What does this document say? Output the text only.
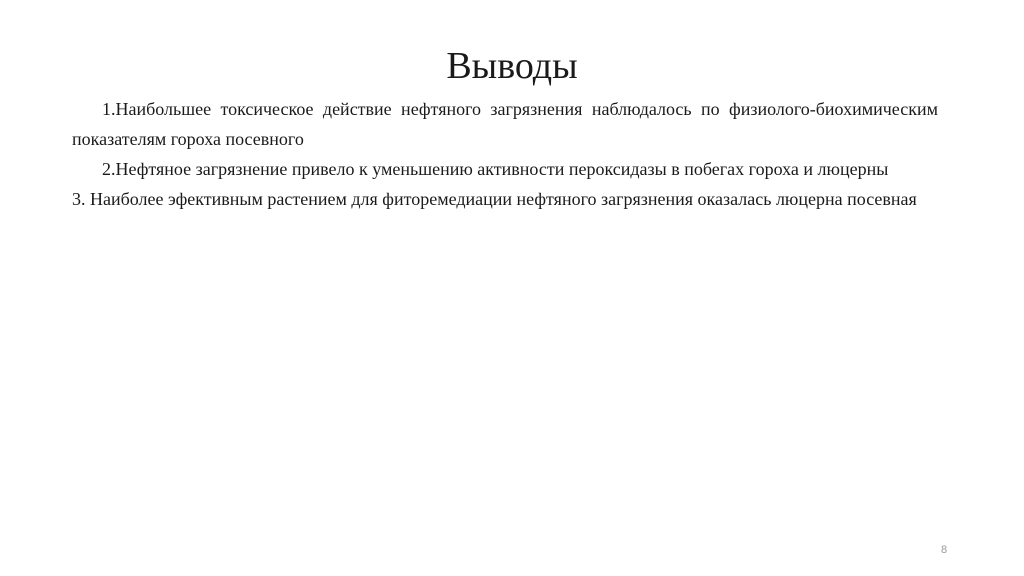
Выводы

1.Наибольшее токсическое действие нефтяного загрязнения наблюдалось по физиолого-биохимическим показателям гороха посевного

2.Нефтяное загрязнение привело к уменьшению активности пероксидазы в побегах гороха и люцерны

3. Наиболее эфективным растением для фиторемедиации нефтяного загрязнения оказалась люцерна посевная

8
